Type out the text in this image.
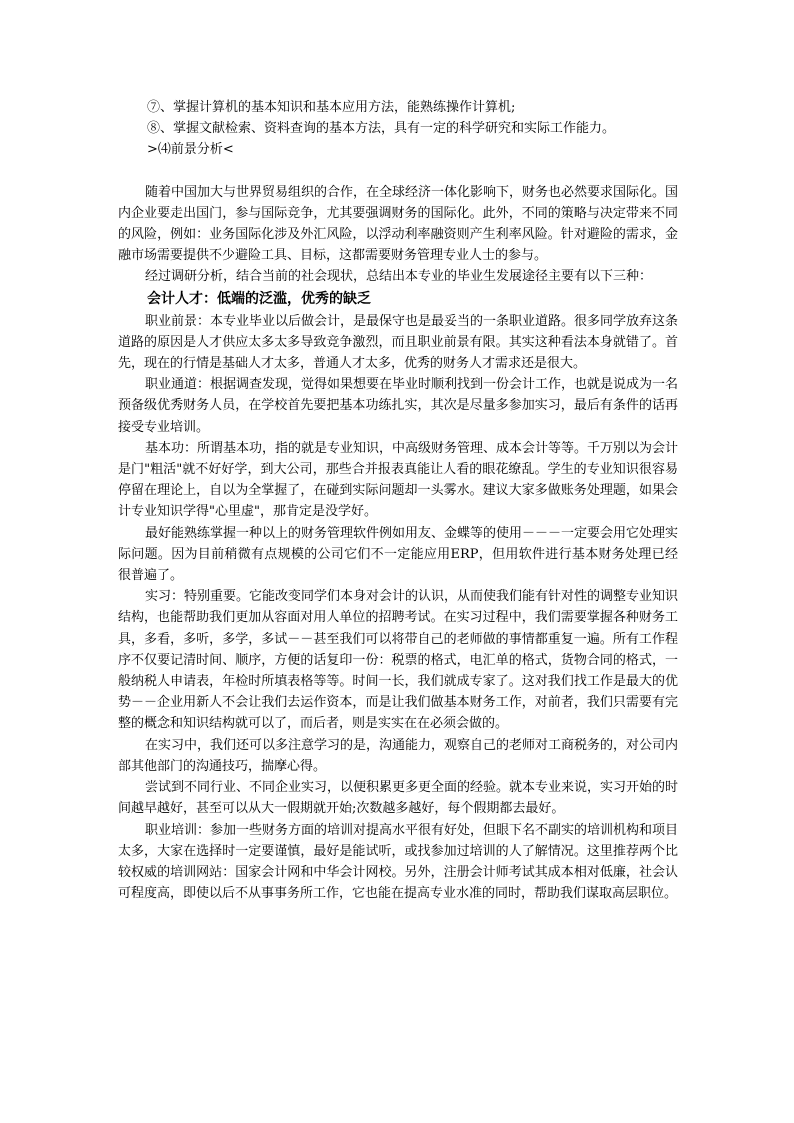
⑦、掌握计算机的基本知识和基本应用方法，能熟练操作计算机;

⑧、掌握文献检索、资料查询的基本方法，具有一定的科学研究和实际工作能力。

>⑷前景分析<

随着中国加大与世界贸易组织的合作，在全球经济一体化影响下，财务也必然要求国际化。国内企业要走出国门，参与国际竞争，尤其要强调财务的国际化。此外，不同的策略与决定带来不同的风险，例如：业务国际化涉及外汇风险，以浮动利率融资则产生利率风险。针对避险的需求，金融市场需要提供不少避险工具、目标，这都需要财务管理专业人士的参与。

经过调研分析，结合当前的社会现状，总结出本专业的毕业生发展途径主要有以下三种：

会计人才：低端的泛滥，优秀的缺乏

职业前景：本专业毕业以后做会计，是最保守也是最妥当的一条职业道路。很多同学放弃这条道路的原因是人才供应太多太多导致竞争激烈，而且职业前景有限。其实这种看法本身就错了。首先，现在的行情是基础人才太多，普通人才太多，优秀的财务人才需求还是很大。

职业通道：根据调查发现，觉得如果想要在毕业时顺利找到一份会计工作，也就是说成为一名预备级优秀财务人员，在学校首先要把基本功练扎实，其次是尽量多参加实习，最后有条件的话再接受专业培训。

基本功：所谓基本功，指的就是专业知识，中高级财务管理、成本会计等等。千万别以为会计是门"粗活"就不好好学，到大公司，那些合并报表真能让人看的眼花缭乱。学生的专业知识很容易停留在理论上，自以为全掌握了，在碰到实际问题却一头雾水。建议大家多做账务处理题，如果会计专业知识学得"心里虚"，那肯定是没学好。

最好能熟练掌握一种以上的财务管理软件例如用友、金蝶等的使用－－－一定要会用它处理实际问题。因为目前稍微有点规模的公司它们不一定能应用ERP，但用软件进行基本财务处理已经很普遍了。

实习：特别重要。它能改变同学们本身对会计的认识，从而使我们能有针对性的调整专业知识结构，也能帮助我们更加从容面对用人单位的招聘考试。在实习过程中，我们需要掌握各种财务工具，多看，多听，多学，多试－－甚至我们可以将带自己的老师做的事情都重复一遍。所有工作程序不仅要记清时间、顺序，方便的话复印一份：税票的格式，电汇单的格式，货物合同的格式，一般纳税人申请表，年检时所填表格等等。时间一长，我们就成专家了。这对我们找工作是最大的优势－－企业用新人不会让我们去运作资本，而是让我们做基本财务工作，对前者，我们只需要有完整的概念和知识结构就可以了，而后者，则是实实在在必须会做的。

在实习中，我们还可以多注意学习的是，沟通能力，观察自己的老师对工商税务的，对公司内部其他部门的沟通技巧，揣摩心得。

尝试到不同行业、不同企业实习，以便积累更多更全面的经验。就本专业来说，实习开始的时间越早越好，甚至可以从大一假期就开始;次数越多越好，每个假期都去最好。

职业培训：参加一些财务方面的培训对提高水平很有好处，但眼下名不副实的培训机构和项目太多，大家在选择时一定要谨慎，最好是能试听，或找参加过培训的人了解情况。这里推荐两个比较权威的培训网站：国家会计网和中华会计网校。另外，注册会计师考试其成本相对低廉，社会认可程度高，即使以后不从事事务所工作，它也能在提高专业水准的同时，帮助我们谋取高层职位。
